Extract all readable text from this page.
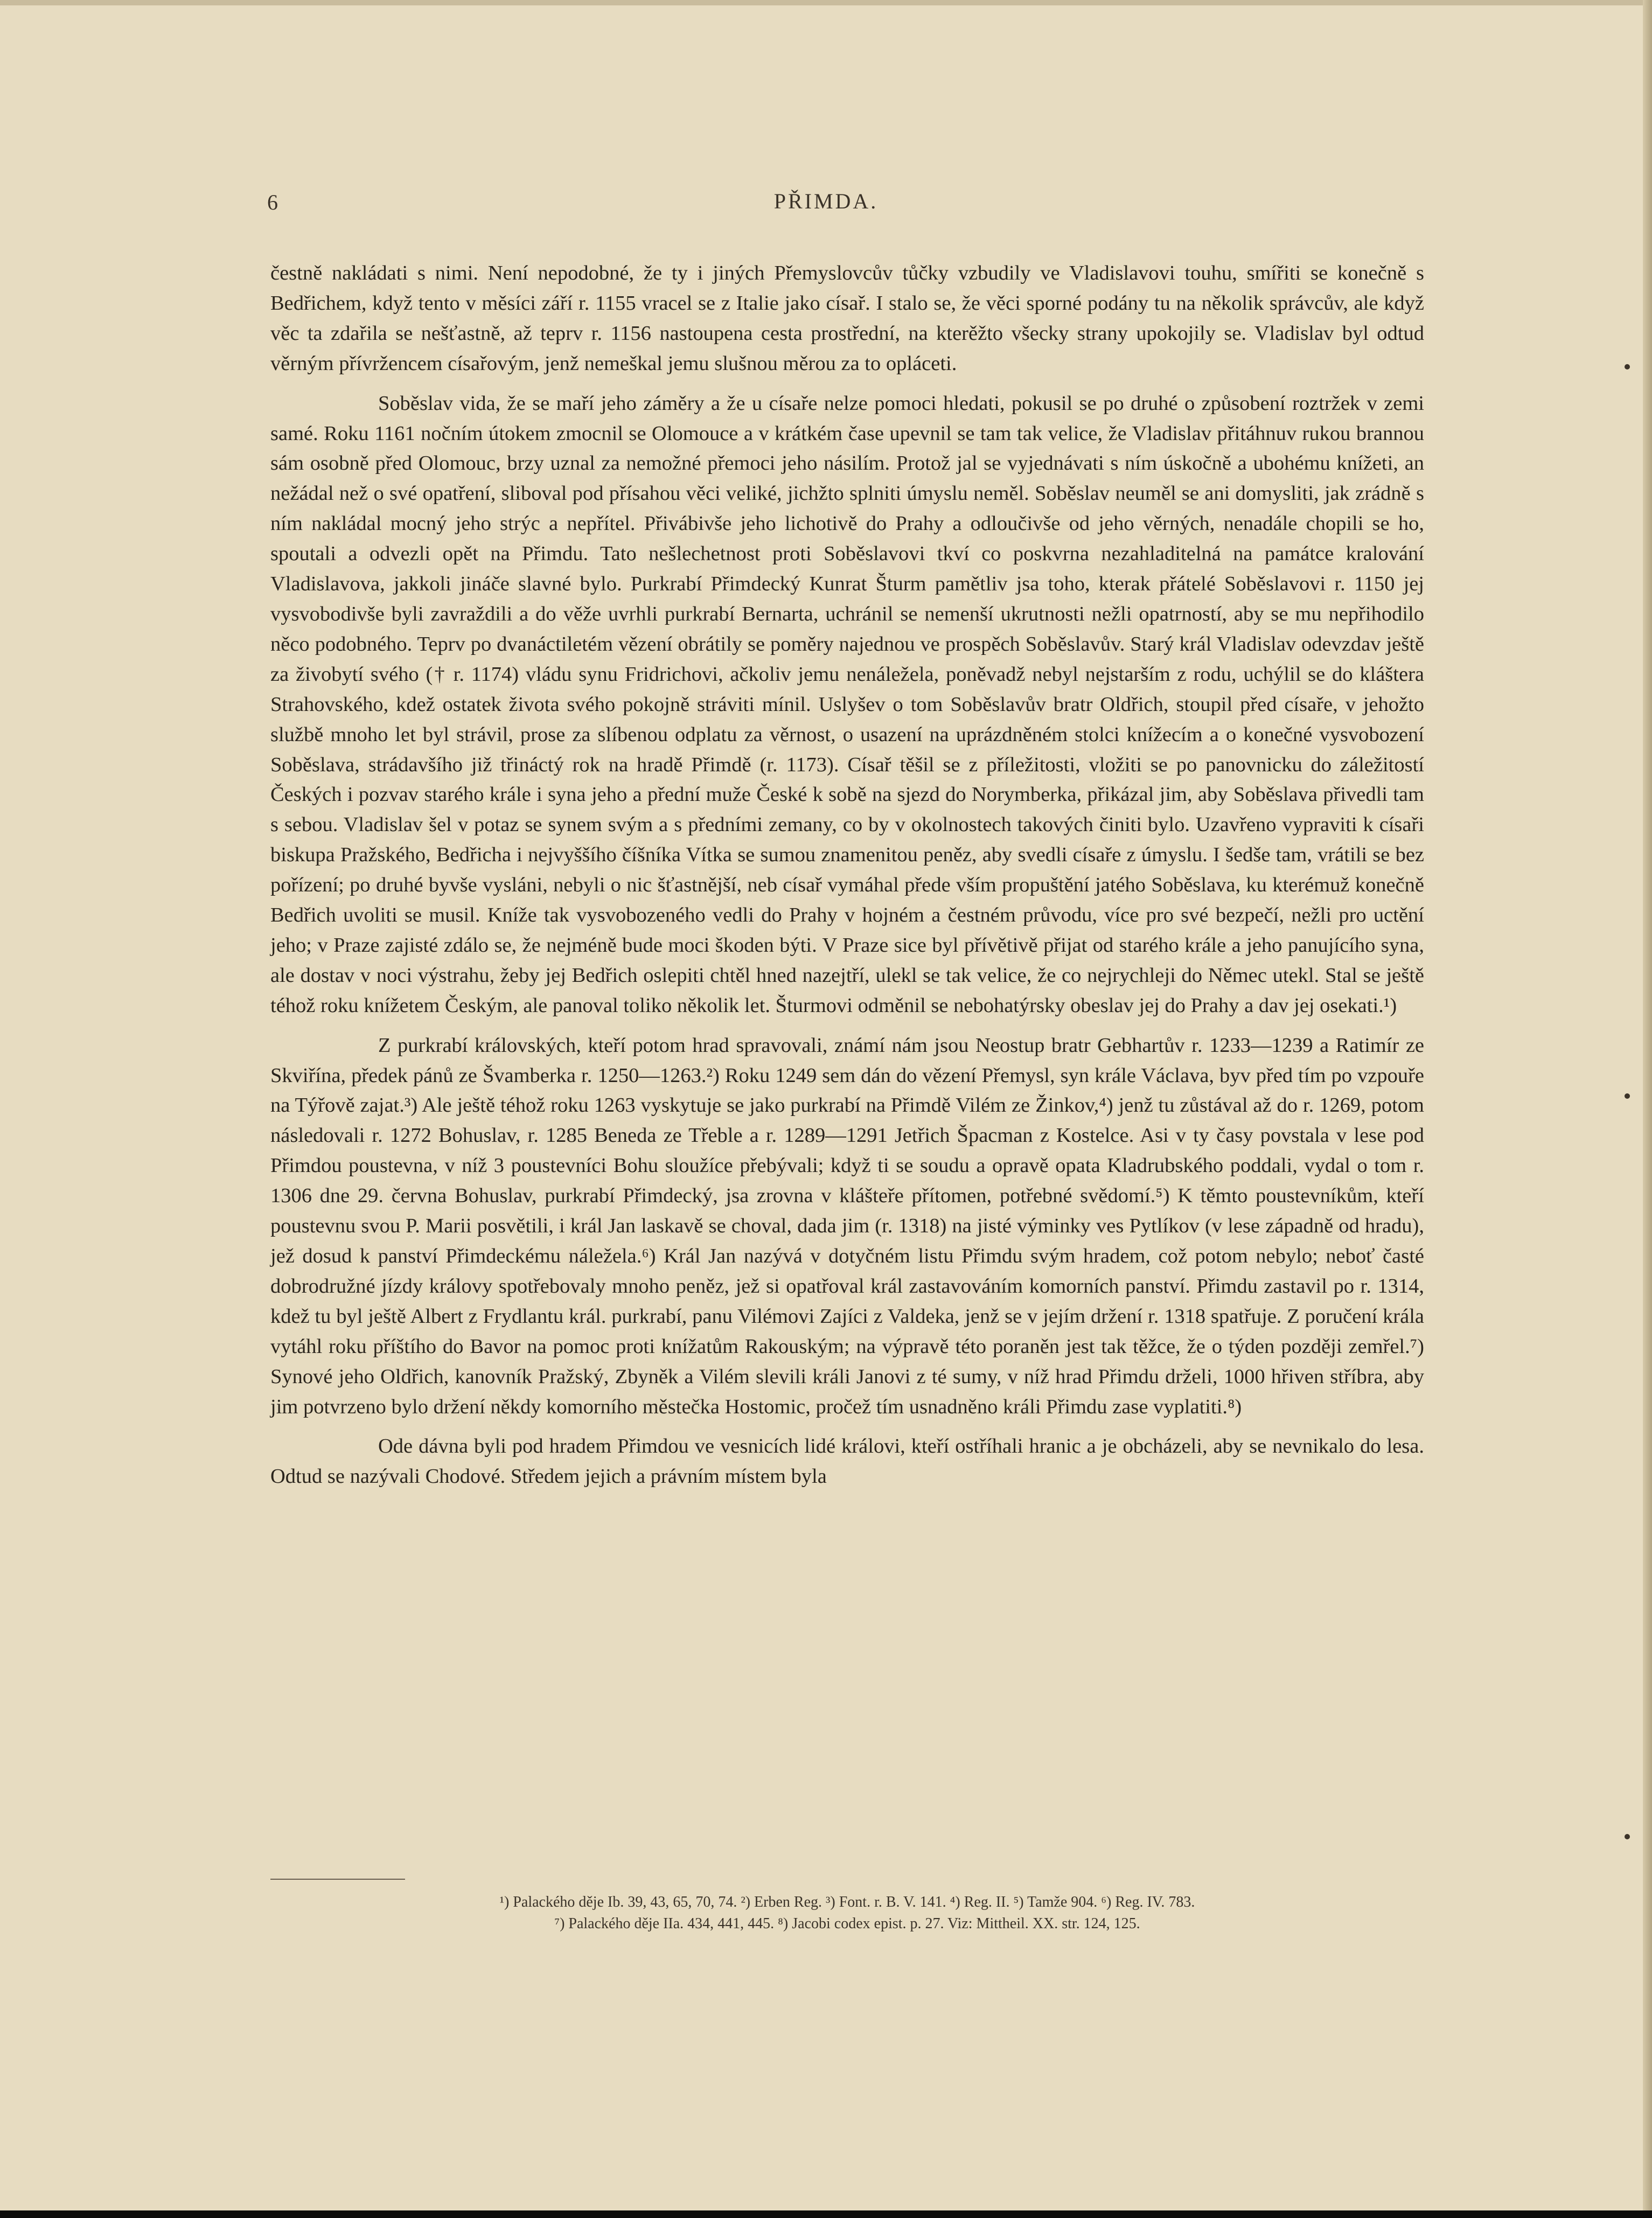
6	PŘIMDA.

čestně nakládati s nimi. Není nepodobné, že ty i jiných Přemyslovcův tůčky vzbudily ve Vladislavovi touhu, smířiti se konečně s Bedřichem, když tento v měsíci září r. 1155 vracel se z Italie jako císař. I stalo se, že věci sporné podány tu na několik správcův, ale když věc ta zdařila se nešťastně, až teprv r. 1156 nastoupena cesta prostřední, na kterěžto všecky strany upokojily se. Vladislav byl odtud věrným přívržencem císařovým, jenž nemeškal jemu slušnou měrou za to opláceti.

Soběslav vida, že se maří jeho záměry a že u císaře nelze pomoci hledati, pokusil se po druhé o způsobení roztržek v zemi samé. Roku 1161 nočním útokem zmocnil se Olomouce a v krátkém čase upevnil se tam tak velice, že Vladislav přitáhnuv rukou brannou sám osobně před Olomouc, brzy uznal za nemožné přemoci jeho násilím. Protož jal se vyjednávati s ním úskočně a ubohému knížeti, an nežádal než o své opatření, sliboval pod přísahou věci veliké, jichžto splniti úmyslu neměl. Soběslav neuměl se ani domysliti, jak zrádně s ním nakládal mocný jeho strýc a nepřítel. Přivábivše jeho lichotivě do Prahy a odloučivše od jeho věrných, nenadále chopili se ho, spoutali a odvezli opět na Přimdu. Tato nešlechetnost proti Soběslavovi tkví co poskvrna nezahladitelná na památce kralování Vladislavova, jakkoli jináče slavné bylo. Purkrabí Přimdecký Kunrat Šturm pamětliv jsa toho, kterak přátelé Soběslavovi r. 1150 jej vysvobodivše byli zavraždili a do věže uvrhli purkrabí Bernarta, uchránil se nemenší ukrutnosti nežli opatrností, aby se mu nepřihodilo něco podobného. Teprv po dvanáctiletém vězení obrátily se poměry najednou ve prospěch Soběslavův. Starý král Vladislav odevzdav ještě za živobytí svého († r. 1174) vládu synu Fridrichovi, ačkoliv jemu nenáležela, poněvadž nebyl nejstarším z rodu, uchýlil se do kláštera Strahovského, kdež ostatek života svého pokojně stráviti mínil. Uslyšev o tom Soběslavův bratr Oldřich, stoupil před císaře, v jehožto službě mnoho let byl strávil, prose za slíbenou odplatu za věrnost, o usazení na uprázdněném stolci knížecím a o konečné vysvobození Soběslava, strádavšího již třináctý rok na hradě Přimdě (r. 1173). Císař těšil se z příležitosti, vložiti se po panovnicku do záležitostí Českých i pozvav starého krále i syna jeho a přední muže České k sobě na sjezd do Norymberka, přikázal jim, aby Soběslava přivedli tam s sebou. Vladislav šel v potaz se synem svým a s předními zemany, co by v okolnostech takových činiti bylo. Uzavřeno vypraviti k císaři biskupa Pražského, Bedřicha i nejvyššího číšníka Vítka se sumou znamenitou peněz, aby svedli císaře z úmyslu. I šedše tam, vrátili se bez pořízení; po druhé byvše vysláni, nebyli o nic šťastnější, neb císař vymáhal přede vším propuštění jatého Soběslava, ku kterémuž konečně Bedřich uvoliti se musil. Kníže tak vysvobozeného vedli do Prahy v hojném a čestném průvodu, více pro své bezpečí, nežli pro uctění jeho; v Praze zajisté zdálo se, že nejméně bude moci škoden býti. V Praze sice byl přívětivě přijat od starého krále a jeho panujícího syna, ale dostav v noci výstrahu, žeby jej Bedřich oslepiti chtěl hned nazejtří, ulekl se tak velice, že co nejrychleji do Němec utekl. Stal se ještě téhož roku knížetem Českým, ale panoval toliko několik let. Šturmovi odměnil se nebohatýrsky obeslav jej do Prahy a dav jej osekati.¹)

Z purkrabí královských, kteří potom hrad spravovali, známí nám jsou Neostup bratr Gebhartův r. 1233—1239 a Ratimír ze Skviřína, předek pánů ze Švamberka r. 1250—1263.²) Roku 1249 sem dán do vězení Přemysl, syn krále Václava, byv před tím po vzpouře na Týřově zajat.³) Ale ještě téhož roku 1263 vyskytuje se jako purkrabí na Přimdě Vilém ze Žinkov,⁴) jenž tu zůstával až do r. 1269, potom následovali r. 1272 Bohuslav, r. 1285 Beneda ze Třeble a r. 1289—1291 Jetřich Špacman z Kostelce. Asi v ty časy povstala v lese pod Přimdou poustevna, v níž 3 poustevníci Bohu sloužíce přebývali; když ti se soudu a opravě opata Kladrubského poddali, vydal o tom r. 1306 dne 29. června Bohuslav, purkrabí Přimdecký, jsa zrovna v klášteře přítomen, potřebné svědomí.⁵) K těmto poustevníkům, kteří poustevnu svou P. Marii posvětili, i král Jan laskavě se choval, dada jim (r. 1318) na jisté výminky ves Pytlíkov (v lese západně od hradu), jež dosud k panství Přimdeckému náležela.⁶) Král Jan nazývá v dotyčném listu Přimdu svým hradem, což potom nebylo; neboť časté dobrodružné jízdy královy spotřebovaly mnoho peněz, jež si opatřoval král zastavováním komorních panství. Přimdu zastavil po r. 1314, kdež tu byl ještě Albert z Frydlantu král. purkrabí, panu Vilémovi Zajíci z Valdeka, jenž se v jejím držení r. 1318 spatřuje. Z poručení krála vytáhl roku příštího do Bavor na pomoc proti knížatům Rakouským; na výpravě této poraněn jest tak těžce, že o týden později zemřel.⁷) Synové jeho Oldřich, kanovník Pražský, Zbyněk a Vilém slevili králi Janovi z té sumy, v níž hrad Přimdu drželi, 1000 hřiven stříbra, aby jim potvrzeno bylo držení někdy komorního městečka Hostomic, pročež tím usnadněno králi Přimdu zase vyplatiti.⁸)

Ode dávna byli pod hradem Přimdou ve vesnicích lidé královi, kteří ostříhali hranic a je obcházeli, aby se nevnikalo do lesa. Odtud se nazývali Chodové. Středem jejich a právním místem byla

¹) Palackého děje Ib. 39, 43, 65, 70, 74. ²) Erben Reg. ³) Font. r. B. V. 141. ⁴) Reg. II. ⁵) Tamže 904. ⁶) Reg. IV. 783.
⁷) Palackého děje IIa. 434, 441, 445. ⁸) Jacobi codex epist. p. 27. Viz: Mittheil. XX. str. 124, 125.
